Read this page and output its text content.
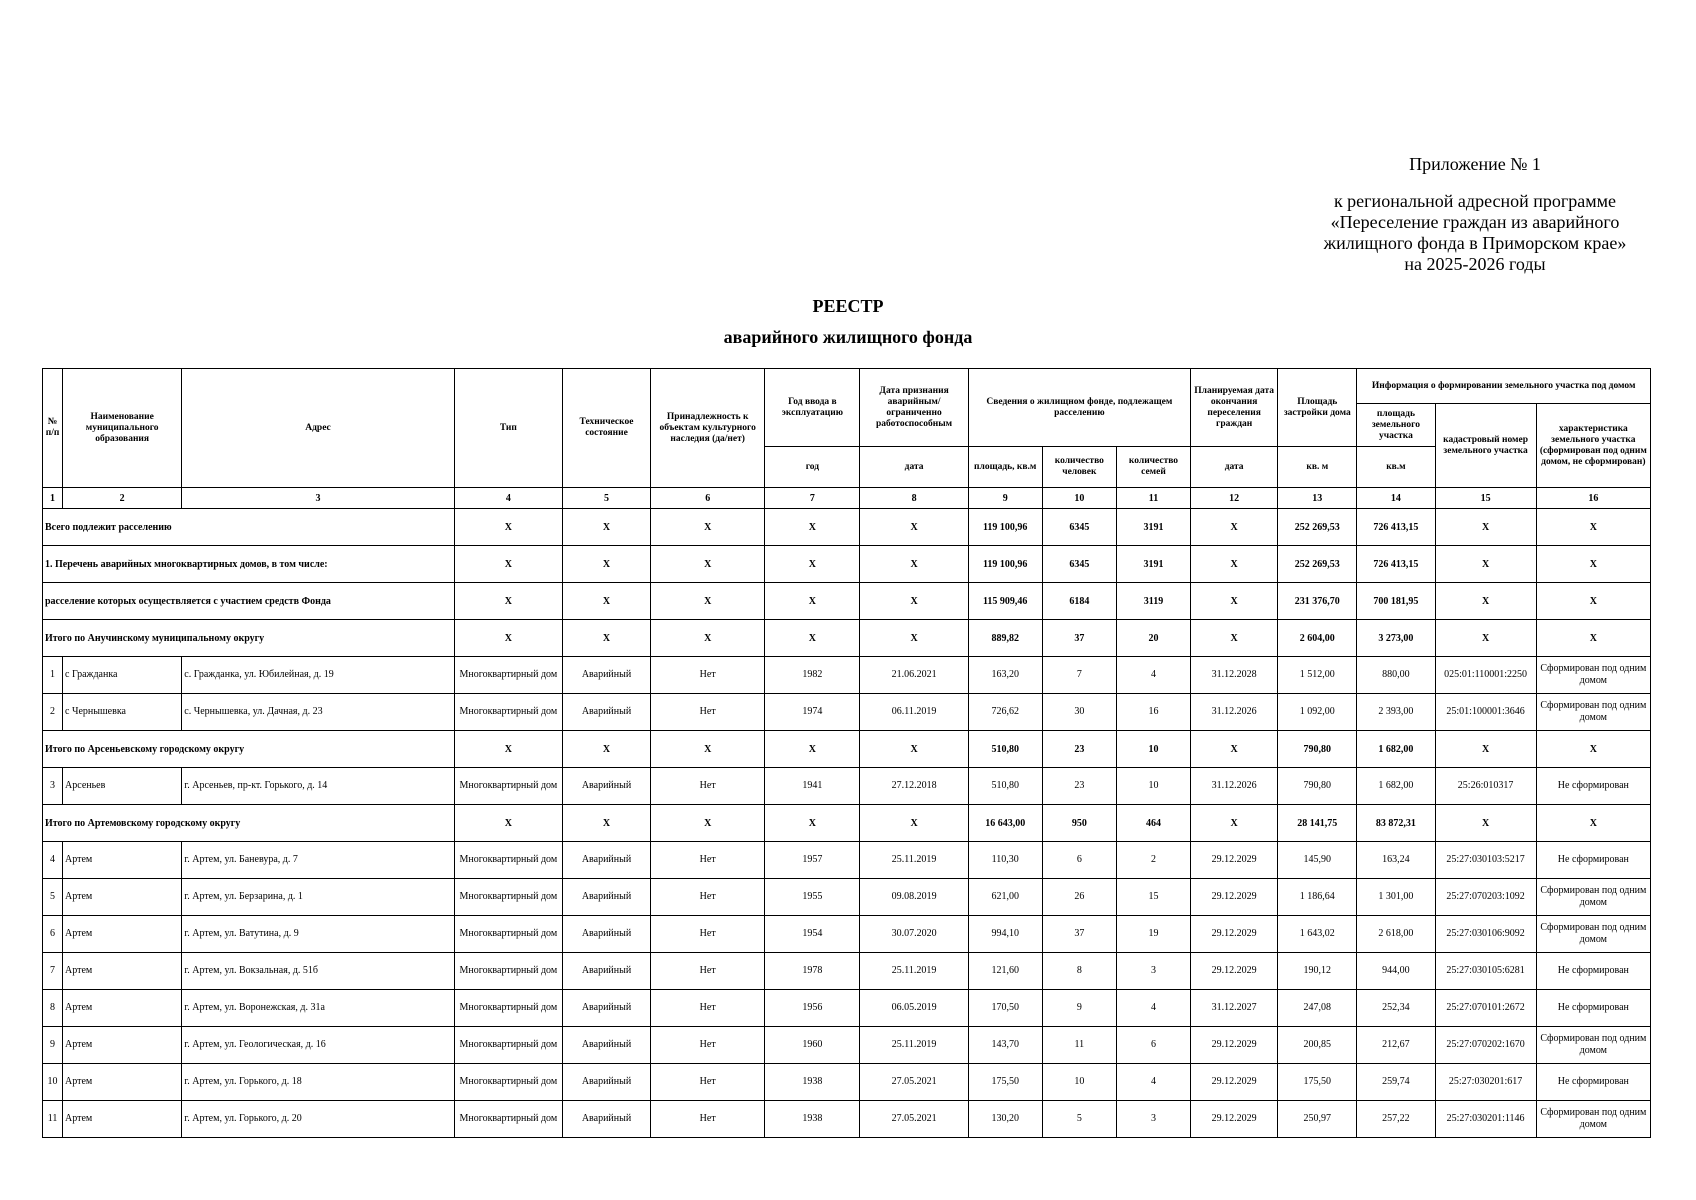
Приложение № 1
к региональной адресной программе
«Переселение граждан из аварийного
жилищного фонда в Приморском крае»
на 2025-2026 годы
РЕЕСТР
аварийного жилищного фонда
№ п/п	Наименование муниципального образования	Адрес	Тип	Техническое состояние	Принадлежность к объектам культурного наследия (да/нет)	Год ввода в эксплуатацию	Дата признания аварийным/ ограниченно работоспособным	Сведения о жилищном фонде, подлежащем расселению			Планируемая дата окончания переселения граждан	Площадь застройки дома	Информация о формировании земельного участка под домом		
													площадь земельного участка	кадастровый номер земельного участка	характеристика земельного участка (сформирован под одним домом, не сформирован)
						год	дата	площадь, кв.м	количество человек	количество семей	дата	кв. м	кв.м		
1	2	3	4	5	6	7	8	9	10	11	12	13	14	15	16
Всего подлежит расселению			X	X	X	X	X	119 100,96	6345	3191	X	252 269,53	726 413,15	X	X
1. Перечень аварийных многоквартирных домов, в том числе:			X	X	X	X	X	119 100,96	6345	3191	X	252 269,53	726 413,15	X	X
расселение которых осуществляется с участием средств Фонда			X	X	X	X	X	115 909,46	6184	3119	X	231 376,70	700 181,95	X	X
Итого по Анучинскому муниципальному округу			X	X	X	X	X	889,82	37	20	X	2 604,00	3 273,00	X	X
1	с Гражданка	с. Гражданка, ул. Юбилейная, д. 19	Многоквартирный дом	Аварийный	Нет	1982	21.06.2021	163,20	7	4	31.12.2028	1 512,00	880,00	025:01:110001:2250	Сформирован под одним домом
2	с Чернышевка	с. Чернышевка, ул. Дачная, д. 23	Многоквартирный дом	Аварийный	Нет	1974	06.11.2019	726,62	30	16	31.12.2026	1 092,00	2 393,00	25:01:100001:3646	Сформирован под одним домом
Итого по Арсеньевскому городскому округу			X	X	X	X	X	510,80	23	10	X	790,80	1 682,00	X	X
3	Арсеньев	г. Арсеньев, пр-кт. Горького, д. 14	Многоквартирный дом	Аварийный	Нет	1941	27.12.2018	510,80	23	10	31.12.2026	790,80	1 682,00	25:26:010317	Не сформирован
Итого по Артемовскому городскому округу			X	X	X	X	X	16 643,00	950	464	X	28 141,75	83 872,31	X	X
4	Артем	г. Артем, ул. Баневура, д. 7	Многоквартирный дом	Аварийный	Нет	1957	25.11.2019	110,30	6	2	29.12.2029	145,90	163,24	25:27:030103:5217	Не сформирован
5	Артем	г. Артем, ул. Берзарина, д. 1	Многоквартирный дом	Аварийный	Нет	1955	09.08.2019	621,00	26	15	29.12.2029	1 186,64	1 301,00	25:27:070203:1092	Сформирован под одним домом
6	Артем	г. Артем, ул. Ватутина, д. 9	Многоквартирный дом	Аварийный	Нет	1954	30.07.2020	994,10	37	19	29.12.2029	1 643,02	2 618,00	25:27:030106:9092	Сформирован под одним домом
7	Артем	г. Артем, ул. Вокзальная, д. 51б	Многоквартирный дом	Аварийный	Нет	1978	25.11.2019	121,60	8	3	29.12.2029	190,12	944,00	25:27:030105:6281	Не сформирован
8	Артем	г. Артем, ул. Воронежская, д. 31а	Многоквартирный дом	Аварийный	Нет	1956	06.05.2019	170,50	9	4	31.12.2027	247,08	252,34	25:27:070101:2672	Не сформирован
9	Артем	г. Артем, ул. Геологическая, д. 16	Многоквартирный дом	Аварийный	Нет	1960	25.11.2019	143,70	11	6	29.12.2029	200,85	212,67	25:27:070202:1670	Сформирован под одним домом
10	Артем	г. Артем, ул. Горького, д. 18	Многоквартирный дом	Аварийный	Нет	1938	27.05.2021	175,50	10	4	29.12.2029	175,50	259,74	25:27:030201:617	Не сформирован
11	Артем	г. Артем, ул. Горького, д. 20	Многоквартирный дом	Аварийный	Нет	1938	27.05.2021	130,20	5	3	29.12.2029	250,97	257,22	25:27:030201:1146	Сформирован под одним домом
